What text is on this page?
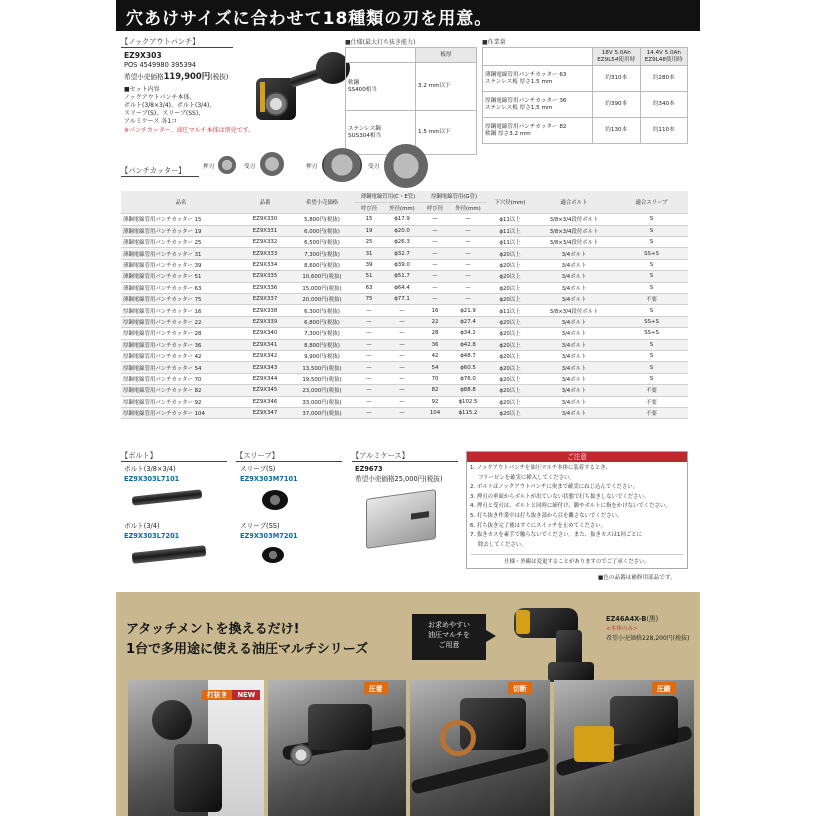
穴あけサイズに合わせて18種類の刃を用意。
【ノックアウトパンチ】
EZ9X303
POS 4549980 395394
希望小売価格119,900円(税抜)
■セット内容
ノックアウトパンチ本体、
ボルト(3/8×3/4)、ボルト(3/4)、
スリーブ(S)、スリーブ(SS)、
アルミケース 各1コ
※パンチカッター、油圧マルチ本体は別売です。
■仕様(最大打ち抜き能力)
	板厚
軟鋼
SS400相当	3.2 mm以下
ステンレス鋼
SUS304相当	1.5 mm以下
■作業量
	18V 5.0Ah
EZ9L54使用時	14.4V 5.0Ah
EZ9L48使用時
薄鋼電線管用パンチカッター 63
ステンレス板 厚さ1.5 mm	約310本	約280本
厚鋼電線管用パンチカッター 36
ステンレス板 厚さ1.5 mm	約390本	約340本
厚鋼電線管用パンチカッター 82
軟鋼 厚さ3.2 mm	約130本	約110本
【パンチカッター】	押刃	受刃	押刃	受刃
品名	品番	希望小売価格	薄鋼電線管用(C・E管)		厚鋼電線管用(G管)		下穴径(mm)	適合ボルト	適合スリーブ
			呼び径	外径(mm)	呼び径	外径(mm)			
薄鋼電線管用パンチカッター 15	EZ9X330	5,800円(税抜)	15	ϕ17.9	—	—	ϕ11以上	3/8×3/4段付ボルト	S
薄鋼電線管用パンチカッター 19	EZ9X331	6,000円(税抜)	19	ϕ20.0	—	—	ϕ11以上	3/8×3/4段付ボルト	S
薄鋼電線管用パンチカッター 25	EZ9X332	6,500円(税抜)	25	ϕ26.3	—	—	ϕ11以上	3/8×3/4段付ボルト	S
薄鋼電線管用パンチカッター 31	EZ9X333	7,300円(税抜)	31	ϕ32.7	—	—	ϕ20以上	3/4ボルト	SS+S
薄鋼電線管用パンチカッター 39	EZ9X334	8,600円(税抜)	39	ϕ39.0	—	—	ϕ20以上	3/4ボルト	S
薄鋼電線管用パンチカッター 51	EZ9X335	10,600円(税抜)	51	ϕ51.7	—	—	ϕ20以上	3/4ボルト	S
薄鋼電線管用パンチカッター 63	EZ9X336	15,000円(税抜)	63	ϕ64.4	—	—	ϕ20以上	3/4ボルト	S
薄鋼電線管用パンチカッター 75	EZ9X337	20,000円(税抜)	75	ϕ77.1	—	—	ϕ20以上	3/4ボルト	不要
厚鋼電線管用パンチカッター 16	EZ9X338	6,300円(税抜)	—	—	16	ϕ21.9	ϕ11以上	3/8×3/4段付ボルト	S
厚鋼電線管用パンチカッター 22	EZ9X339	6,800円(税抜)	—	—	22	ϕ27.4	ϕ20以上	3/4ボルト	SS+S
厚鋼電線管用パンチカッター 28	EZ9X340	7,300円(税抜)	—	—	28	ϕ34.2	ϕ20以上	3/4ボルト	SS+S
厚鋼電線管用パンチカッター 36	EZ9X341	8,800円(税抜)	—	—	36	ϕ42.8	ϕ20以上	3/4ボルト	S
厚鋼電線管用パンチカッター 42	EZ9X342	9,900円(税抜)	—	—	42	ϕ48.7	ϕ20以上	3/4ボルト	S
厚鋼電線管用パンチカッター 54	EZ9X343	13,500円(税抜)	—	—	54	ϕ60.5	ϕ20以上	3/4ボルト	S
厚鋼電線管用パンチカッター 70	EZ9X344	19,500円(税抜)	—	—	70	ϕ76.0	ϕ20以上	3/4ボルト	S
厚鋼電線管用パンチカッター 82	EZ9X345	23,000円(税抜)	—	—	82	ϕ88.8	ϕ20以上	3/4ボルト	不要
厚鋼電線管用パンチカッター 92	EZ9X346	33,000円(税抜)	—	—	92	ϕ102.5	ϕ20以上	3/4ボルト	不要
厚鋼電線管用パンチカッター 104	EZ9X347	37,000円(税抜)	—	—	104	ϕ115.2	ϕ20以上	3/4ボルト	不要
【ボルト】
ボルト(3/8×3/4)
EZ9X303L7101
ボルト(3/4)
EZ9X303L7201
【スリーブ】
スリーブ(S)
EZ9X303M7101
スリーブ(SS)
EZ9X303M7201
【アルミケース】
EZ9673
希望小売価格25,000円(税抜)
ご注意
1. ノックアウトパンチを油圧マルチ本体に装着するとき、
フリーピンを確実に挿入してください。
2. ボルトはノックアウトパンチに奥まで確実にねじ込んでください。
3. 押刃の垂面からボルトが出ていない状態で打ち抜きしないでください。
4. 押刃と受刃は、ボルトと同時に締付け、脚やボルトに指をかけないでください。
5. 打ち抜き作業中は打ち抜き部から目を離さないでください。
6. 打ち抜き完了後はすぐにスイッチを止めてください。
7. 抜きカスを素手で触らないでください。また、抜きカスは1回ごとに
除去してください。
仕様・外観は変更することがありますのでご了承ください。
■色の品番は補修用部品です。
アタッチメントを換えるだけ!
1台で多用途に使える油圧マルチシリーズ
お求めやすい
油圧マルチを
ご用意
EZ46A4X-B(黒)
<本体のみ>
希望小売価格228,200円(税抜)
打抜き NEW
圧着	切断	圧縮
